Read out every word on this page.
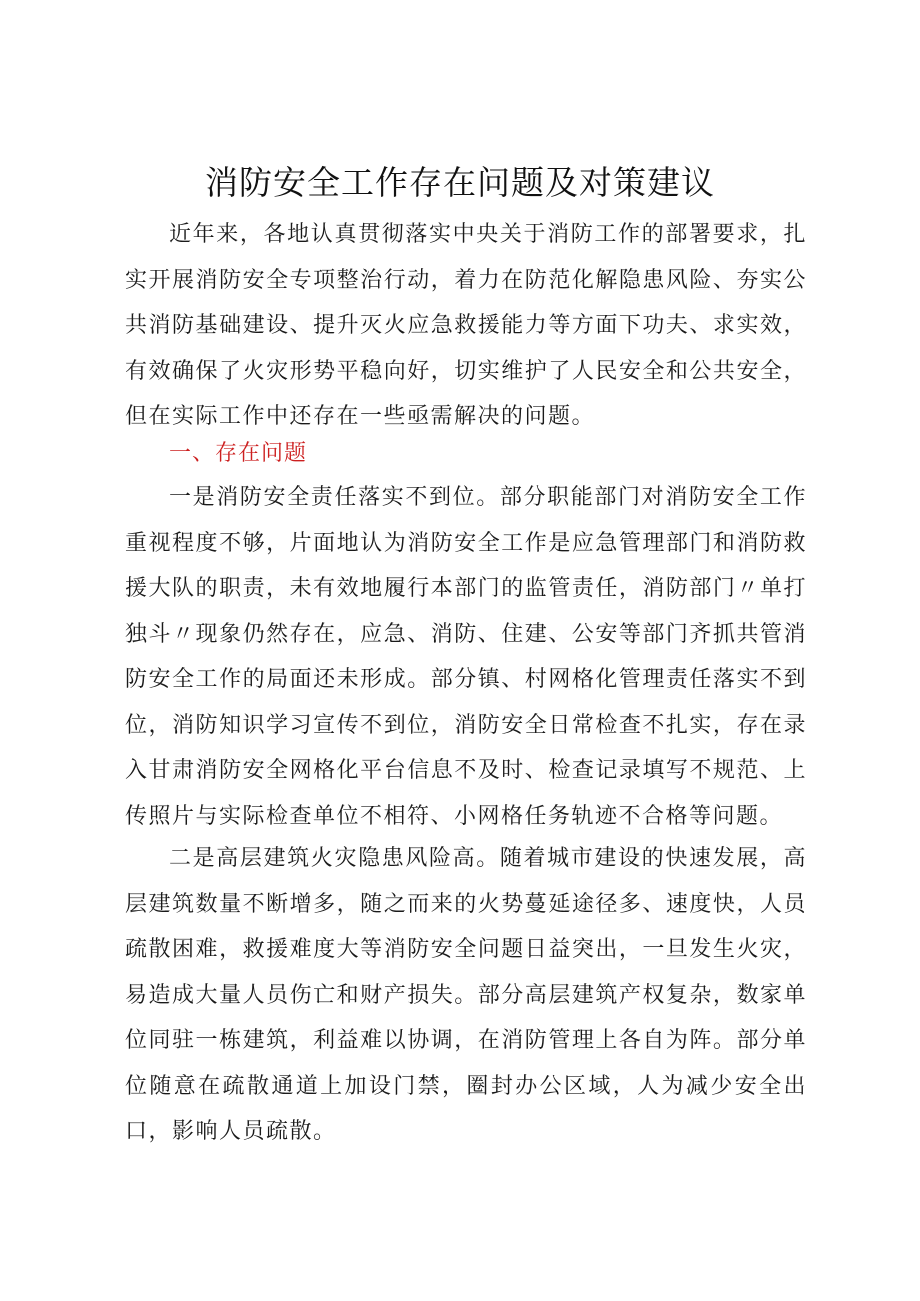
消防安全工作存在问题及对策建议

近年来，各地认真贯彻落实中央关于消防工作的部署要求，扎实开展消防安全专项整治行动，着力在防范化解隐患风险、夯实公共消防基础建设、提升灭火应急救援能力等方面下功夫、求实效，有效确保了火灾形势平稳向好，切实维护了人民安全和公共安全，但在实际工作中还存在一些亟需解决的问题。

一、存在问题

一是消防安全责任落实不到位。部分职能部门对消防安全工作重视程度不够，片面地认为消防安全工作是应急管理部门和消防救援大队的职责，未有效地履行本部门的监管责任，消防部门〃单打独斗〃现象仍然存在，应急、消防、住建、公安等部门齐抓共管消防安全工作的局面还未形成。部分镇、村网格化管理责任落实不到位，消防知识学习宣传不到位，消防安全日常检查不扎实，存在录入甘肃消防安全网格化平台信息不及时、检查记录填写不规范、上传照片与实际检查单位不相符、小网格任务轨迹不合格等问题。

二是高层建筑火灾隐患风险高。随着城市建设的快速发展，高层建筑数量不断增多，随之而来的火势蔓延途径多、速度快，人员疏散困难，救援难度大等消防安全问题日益突出，一旦发生火灾，易造成大量人员伤亡和财产损失。部分高层建筑产权复杂，数家单位同驻一栋建筑，利益难以协调，在消防管理上各自为阵。部分单位随意在疏散通道上加设门禁，圈封办公区域，人为减少安全出口，影响人员疏散。
